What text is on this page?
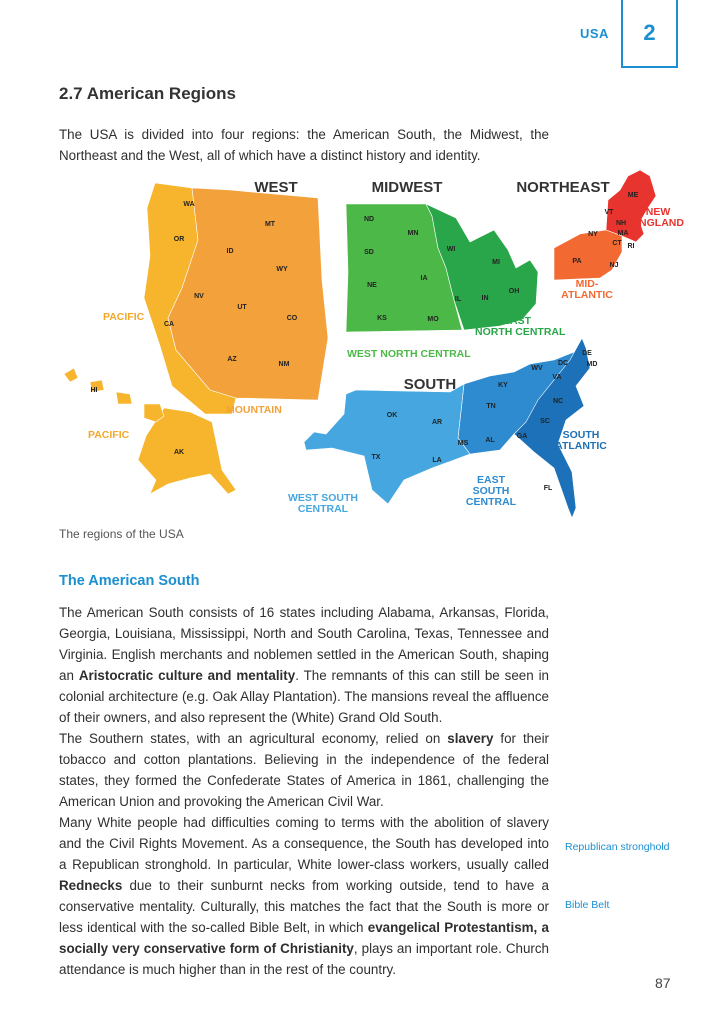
USA	2
2.7 American Regions
The USA is divided into four regions: the American South, the Midwest, the Northeast and the West, all of which have a distinct history and identity.
WEST	MIDWEST	NORTHEAST
SOUTH
PACIFIC
PACIFIC
MOUNTAIN
WEST NORTH CENTRAL
EAST
NORTH CENTRAL
NEW
ENGLAND
MID-
ATLANTIC
SOUTH
ATLANTIC
EAST
SOUTH
CENTRAL
WEST SOUTH
CENTRAL
WA
OR
CA
AK
HI
ID
MT
WY
NV
UT
CO
AZ
NM
ND
SD
NE
KS
MN
IA
MO
WI
MI
IL	IN
OH
ME
VT
NH
MA
CT RI
NY
PA
NJ
DE
MD
DC
WV
VA
NC
SC
GA
FL
KY
TN
MS AL
OK
AR
TX	LA
The regions of the USA
The American South

The American South consists of 16 states including Alabama, Arkansas, Florida, Georgia, Louisiana, Mississippi, North and South Carolina, Texas, Tennessee and Virginia. English merchants and noblemen settled in the American South, shaping an Aristocratic culture and mentality. The remnants of this can still be seen in colonial architecture (e.g. Oak Allay Plantation). The mansions reveal the affluence of their owners, and also represent the (White) Grand Old South.

The Southern states, with an agricultural economy, relied on slavery for their tobacco and cotton plantations. Believing in the independence of the federal states, they formed the Confederate States of America in 1861, challenging the American Union and provoking the American Civil War.

Many White people had difficulties coming to terms with the abolition of slavery and the Civil Rights Movement. As a consequence, the South has developed into a Republican stronghold. In particular, White lower-class workers, usually called Rednecks due to their sunburnt necks from working outside, tend to have a conservative mentality. Culturally, this matches the fact that the South is more or less identical with the so-called Bible Belt, in which evangelical Protestantism, a socially very conservative form of Christianity, plays an important role. Church attendance is much higher than in the rest of the country.

Republican stronghold
Bible Belt
87
